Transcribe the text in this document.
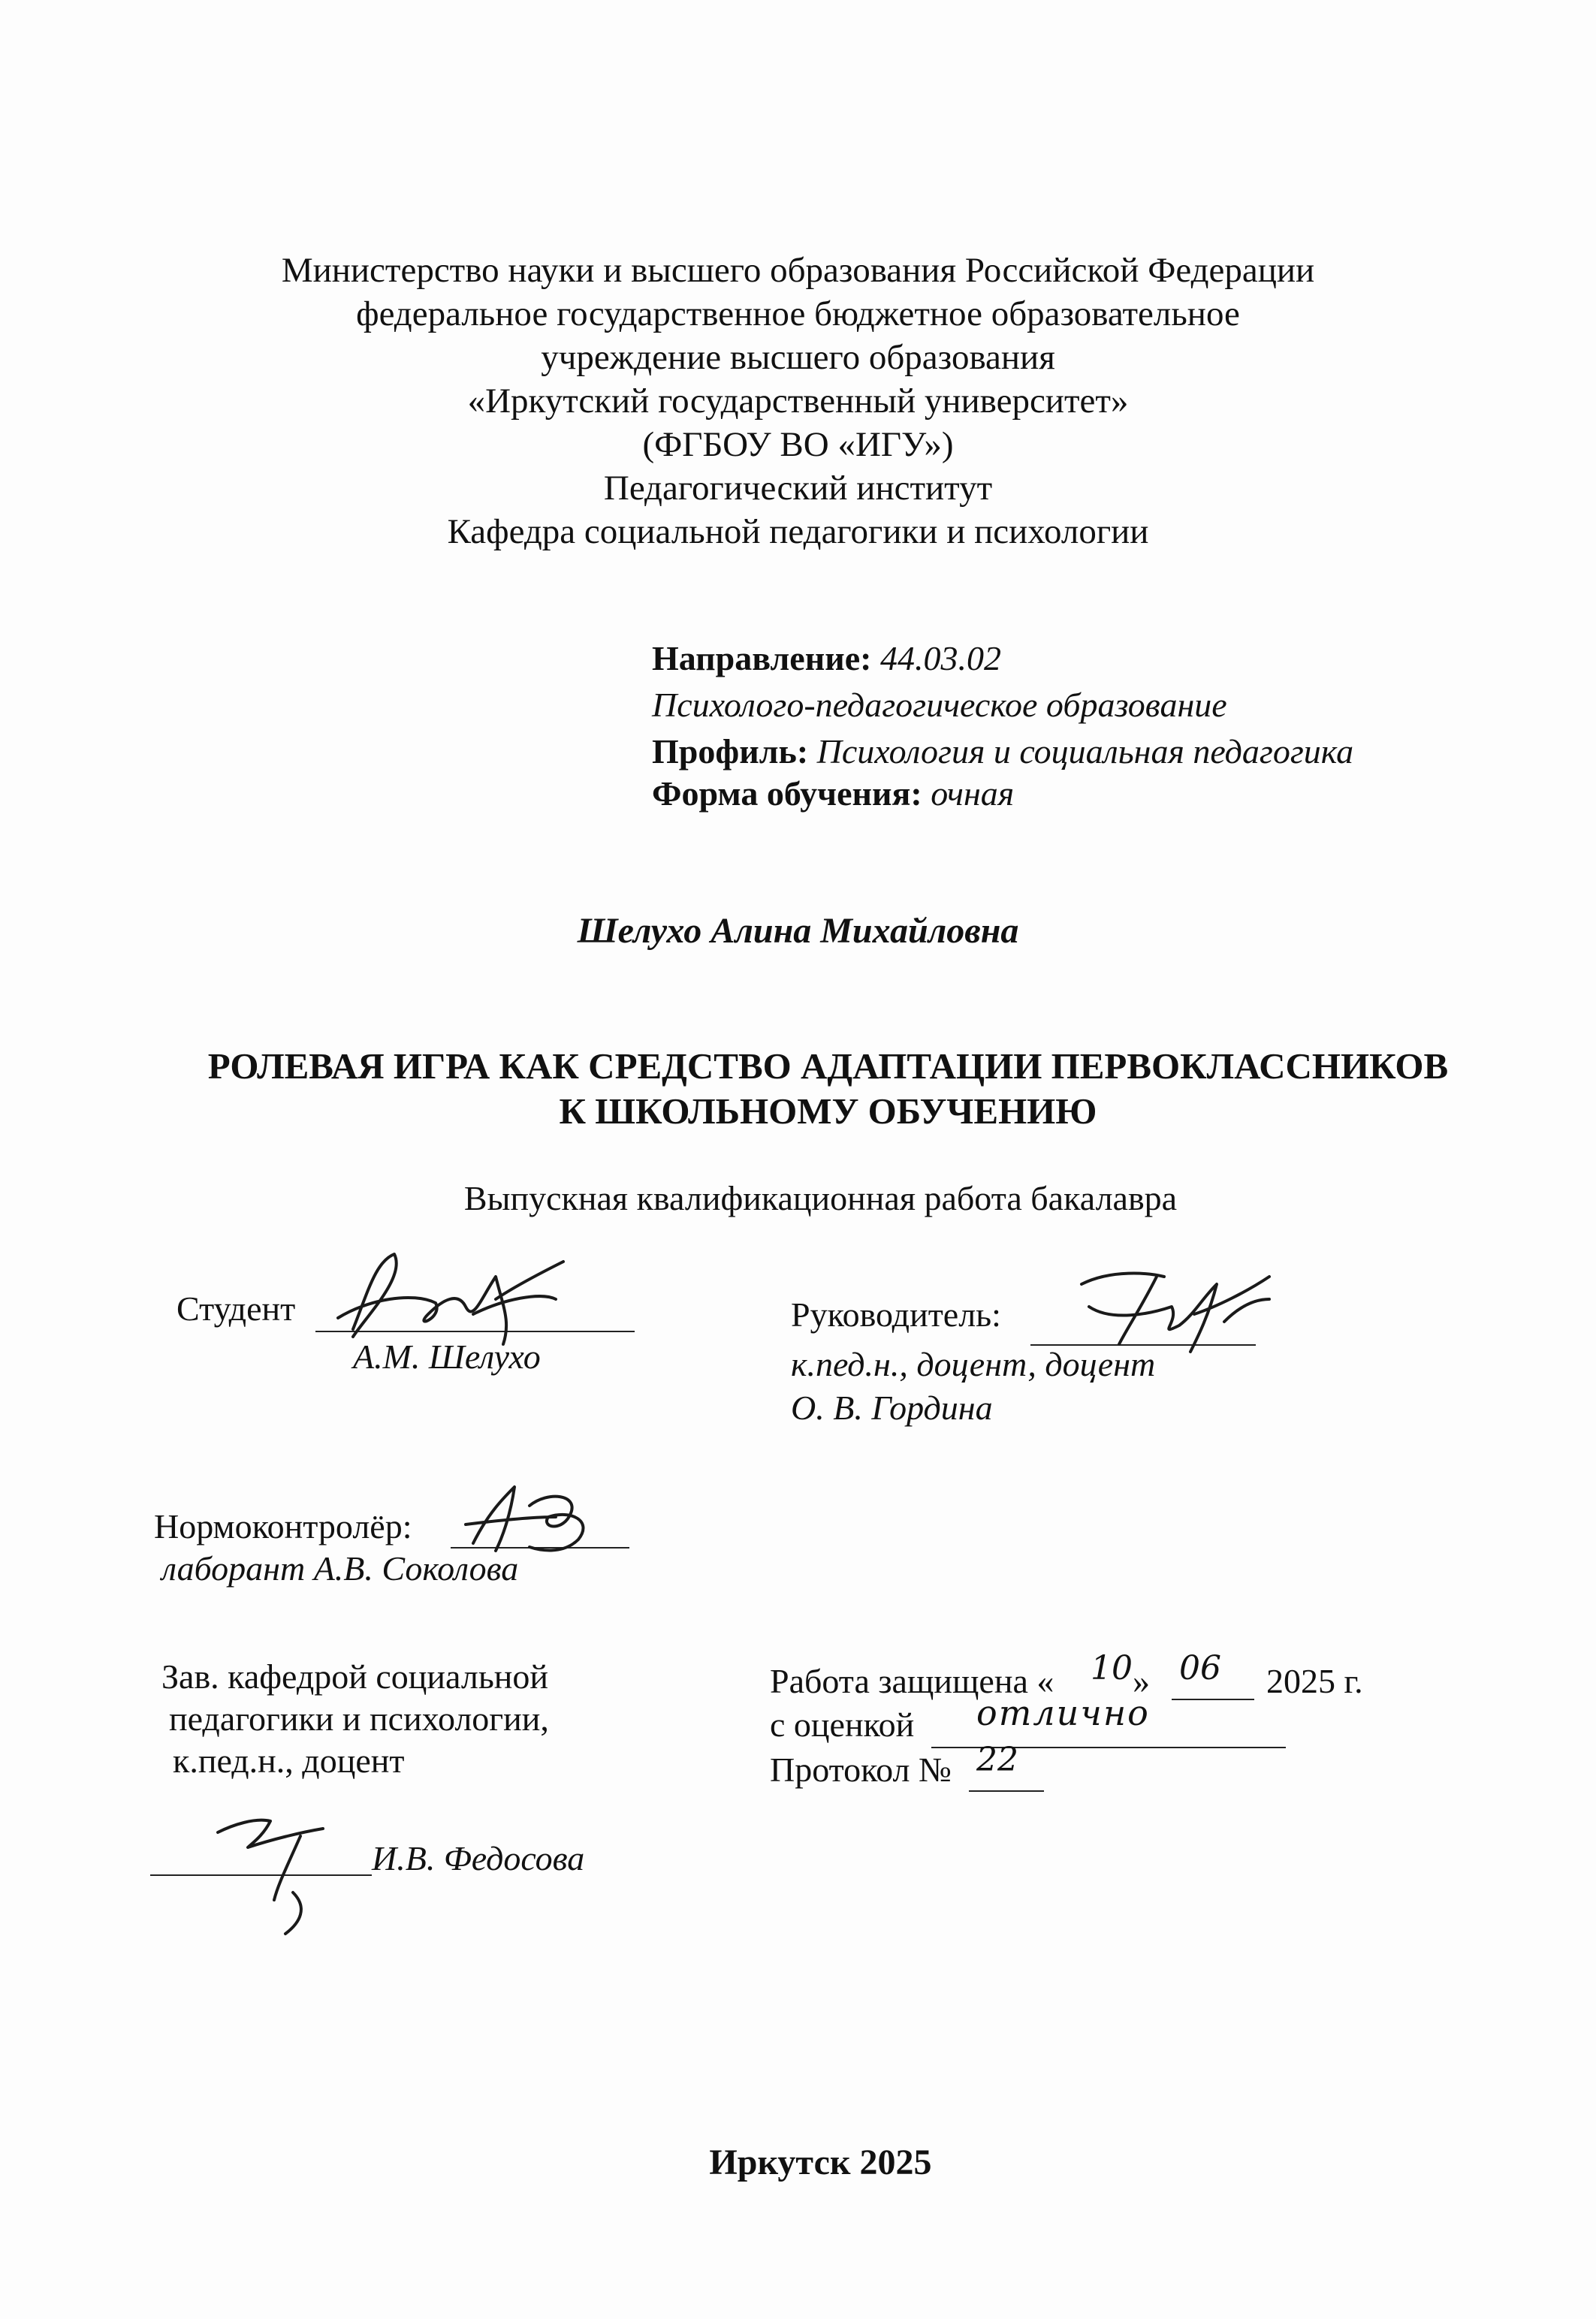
Министерство науки и высшего образования Российской Федерации
федеральное государственное бюджетное образовательное
учреждение высшего образования
«Иркутский государственный университет»
(ФГБОУ ВО «ИГУ»)
Педагогический институт
Кафедра социальной педагогики и психологии
Направление: 44.03.02
Психолого-педагогическое образование
Профиль: Психология и социальная педагогика
Форма обучения: очная
Шелухо Алина Михайловна
РОЛЕВАЯ ИГРА КАК СРЕДСТВО АДАПТАЦИИ ПЕРВОКЛАССНИКОВ
К ШКОЛЬНОМУ ОБУЧЕНИЮ
Выпускная квалификационная работа бакалавра
Студент
А.М. Шелухо
Руководитель:
к.пед.н., доцент, доцент
О. В. Гордина
Нормоконтролёр:
лаборант А.В. Соколова
Зав. кафедрой социальной
педагогики и психологии,
к.пед.н., доцент
И.В. Федосова
Работа защищена « 10 » 06 2025 г.
с оценкой отлично
Протокол № 22
Иркутск 2025
